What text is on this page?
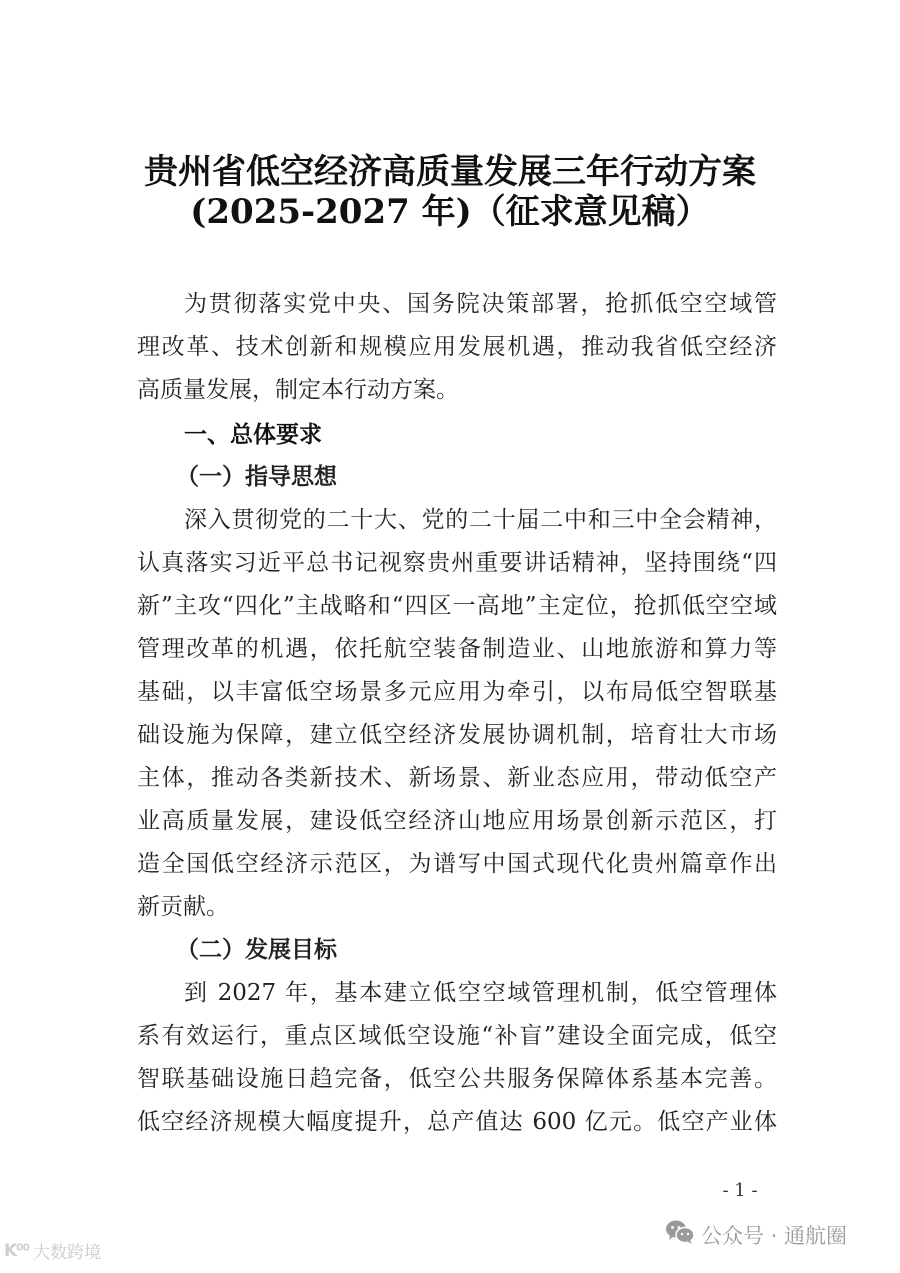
贵州省低空经济高质量发展三年行动方案
(2025-2027 年)（征求意见稿）
为贯彻落实党中央、国务院决策部署，抢抓低空空域管
理改革、技术创新和规模应用发展机遇，推动我省低空经济
高质量发展，制定本行动方案。
一、总体要求
（一）指导思想
深入贯彻党的二十大、党的二十届二中和三中全会精神，
认真落实习近平总书记视察贵州重要讲话精神，坚持围绕“四
新”主攻“四化”主战略和“四区一高地”主定位，抢抓低空空域
管理改革的机遇，依托航空装备制造业、山地旅游和算力等
基础，以丰富低空场景多元应用为牵引，以布局低空智联基
础设施为保障，建立低空经济发展协调机制，培育壮大市场
主体，推动各类新技术、新场景、新业态应用，带动低空产
业高质量发展，建设低空经济山地应用场景创新示范区，打
造全国低空经济示范区，为谱写中国式现代化贵州篇章作出
新贡献。
（二）发展目标
到 2027 年，基本建立低空空域管理机制，低空管理体
系有效运行，重点区域低空设施“补盲”建设全面完成，低空
智联基础设施日趋完备，低空公共服务保障体系基本完善。
低空经济规模大幅度提升，总产值达 600 亿元。低空产业体
- 1 -
公众号 · 通航圈
K⁰⁰ 大数跨境
